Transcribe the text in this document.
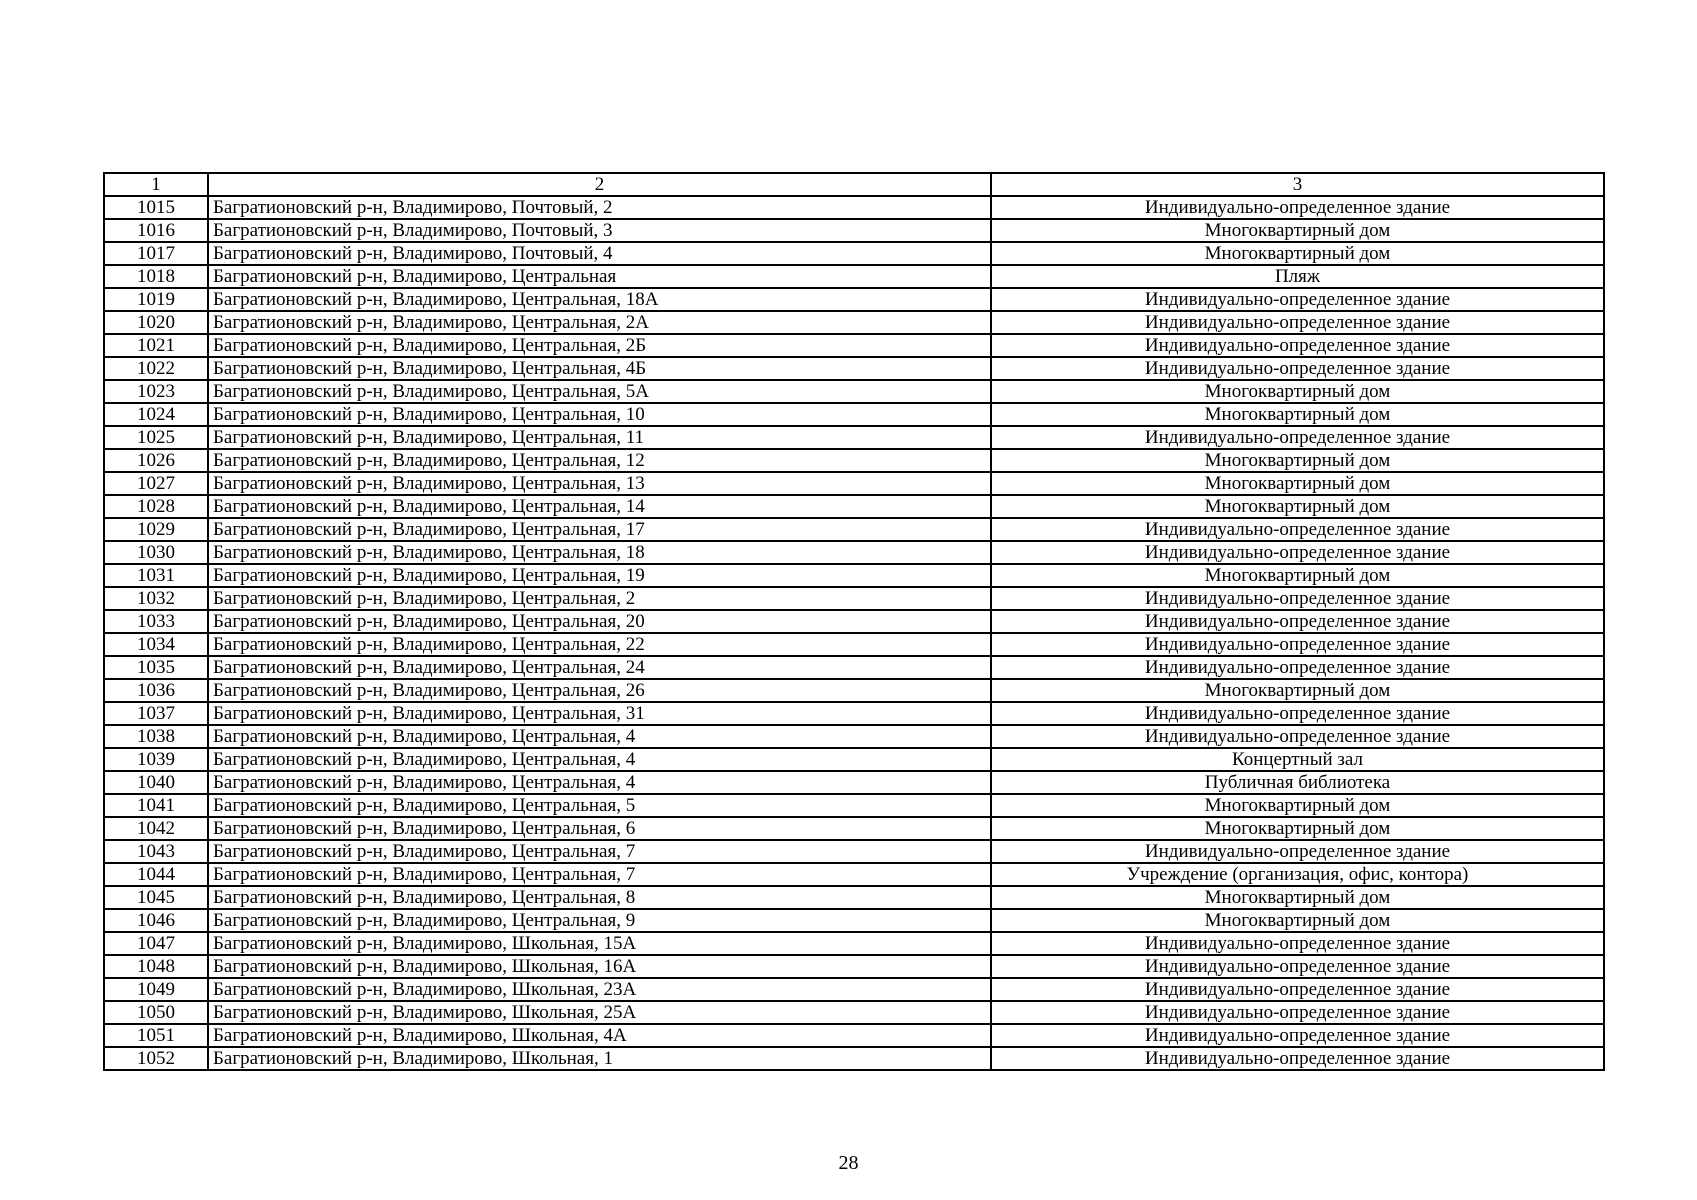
1	2	3
1015	Багратионовский р-н, Владимирово, Почтовый, 2	Индивидуально-определенное здание
1016	Багратионовский р-н, Владимирово, Почтовый, 3	Многоквартирный дом
1017	Багратионовский р-н, Владимирово, Почтовый, 4	Многоквартирный дом
1018	Багратионовский р-н, Владимирово, Центральная	Пляж
1019	Багратионовский р-н, Владимирово, Центральная, 18А	Индивидуально-определенное здание
1020	Багратионовский р-н, Владимирово, Центральная, 2А	Индивидуально-определенное здание
1021	Багратионовский р-н, Владимирово, Центральная, 2Б	Индивидуально-определенное здание
1022	Багратионовский р-н, Владимирово, Центральная, 4Б	Индивидуально-определенное здание
1023	Багратионовский р-н, Владимирово, Центральная, 5А	Многоквартирный дом
1024	Багратионовский р-н, Владимирово, Центральная, 10	Многоквартирный дом
1025	Багратионовский р-н, Владимирово, Центральная, 11	Индивидуально-определенное здание
1026	Багратионовский р-н, Владимирово, Центральная, 12	Многоквартирный дом
1027	Багратионовский р-н, Владимирово, Центральная, 13	Многоквартирный дом
1028	Багратионовский р-н, Владимирово, Центральная, 14	Многоквартирный дом
1029	Багратионовский р-н, Владимирово, Центральная, 17	Индивидуально-определенное здание
1030	Багратионовский р-н, Владимирово, Центральная, 18	Индивидуально-определенное здание
1031	Багратионовский р-н, Владимирово, Центральная, 19	Многоквартирный дом
1032	Багратионовский р-н, Владимирово, Центральная, 2	Индивидуально-определенное здание
1033	Багратионовский р-н, Владимирово, Центральная, 20	Индивидуально-определенное здание
1034	Багратионовский р-н, Владимирово, Центральная, 22	Индивидуально-определенное здание
1035	Багратионовский р-н, Владимирово, Центральная, 24	Индивидуально-определенное здание
1036	Багратионовский р-н, Владимирово, Центральная, 26	Многоквартирный дом
1037	Багратионовский р-н, Владимирово, Центральная, 31	Индивидуально-определенное здание
1038	Багратионовский р-н, Владимирово, Центральная, 4	Индивидуально-определенное здание
1039	Багратионовский р-н, Владимирово, Центральная, 4	Концертный зал
1040	Багратионовский р-н, Владимирово, Центральная, 4	Публичная библиотека
1041	Багратионовский р-н, Владимирово, Центральная, 5	Многоквартирный дом
1042	Багратионовский р-н, Владимирово, Центральная, 6	Многоквартирный дом
1043	Багратионовский р-н, Владимирово, Центральная, 7	Индивидуально-определенное здание
1044	Багратионовский р-н, Владимирово, Центральная, 7	Учреждение (организация, офис, контора)
1045	Багратионовский р-н, Владимирово, Центральная, 8	Многоквартирный дом
1046	Багратионовский р-н, Владимирово, Центральная, 9	Многоквартирный дом
1047	Багратионовский р-н, Владимирово, Школьная, 15А	Индивидуально-определенное здание
1048	Багратионовский р-н, Владимирово, Школьная, 16А	Индивидуально-определенное здание
1049	Багратионовский р-н, Владимирово, Школьная, 23А	Индивидуально-определенное здание
1050	Багратионовский р-н, Владимирово, Школьная, 25А	Индивидуально-определенное здание
1051	Багратионовский р-н, Владимирово, Школьная, 4А	Индивидуально-определенное здание
1052	Багратионовский р-н, Владимирово, Школьная, 1	Индивидуально-определенное здание
28
